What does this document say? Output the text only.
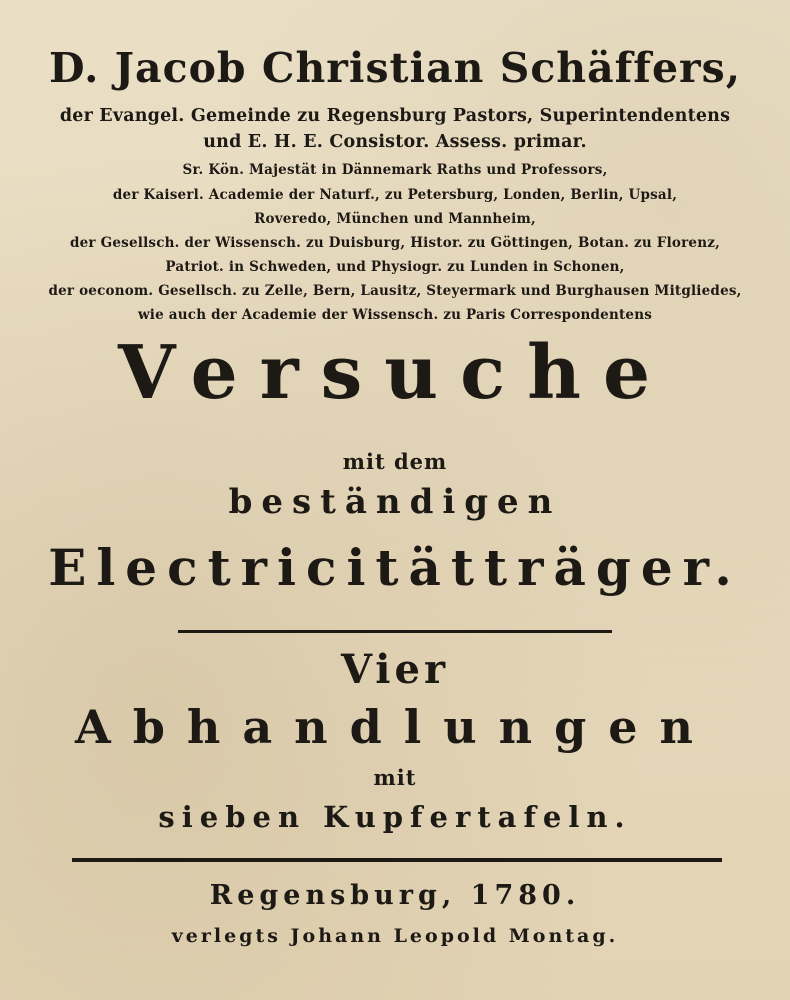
D. Jacob Christian Schäffers,
der Evangel. Gemeinde zu Regensburg Pastors, Superintendentens
und E. H. E. Consistor. Assess. primar.
Sr. Kön. Majestät in Dännemark Raths und Professors,
der Kaiserl. Academie der Naturf., zu Petersburg, Londen, Berlin, Upsal,
Roveredo, München und Mannheim,
der Gesellsch. der Wissensch. zu Duisburg, Histor. zu Göttingen, Botan. zu Florenz,
Patriot. in Schweden, und Physiogr. zu Lunden in Schonen,
der oeconom. Gesellsch. zu Zelle, Bern, Lausitz, Steyermark und Burghausen Mitgliedes,
wie auch der Academie der Wissensch. zu Paris Correspondentens
Versuche
mit dem
beständigen
Electricitätträger.
Vier
Abhandlungen
mit
sieben Kupfertafeln.
Regensburg, 1780.
verlegts Johann Leopold Montag.
